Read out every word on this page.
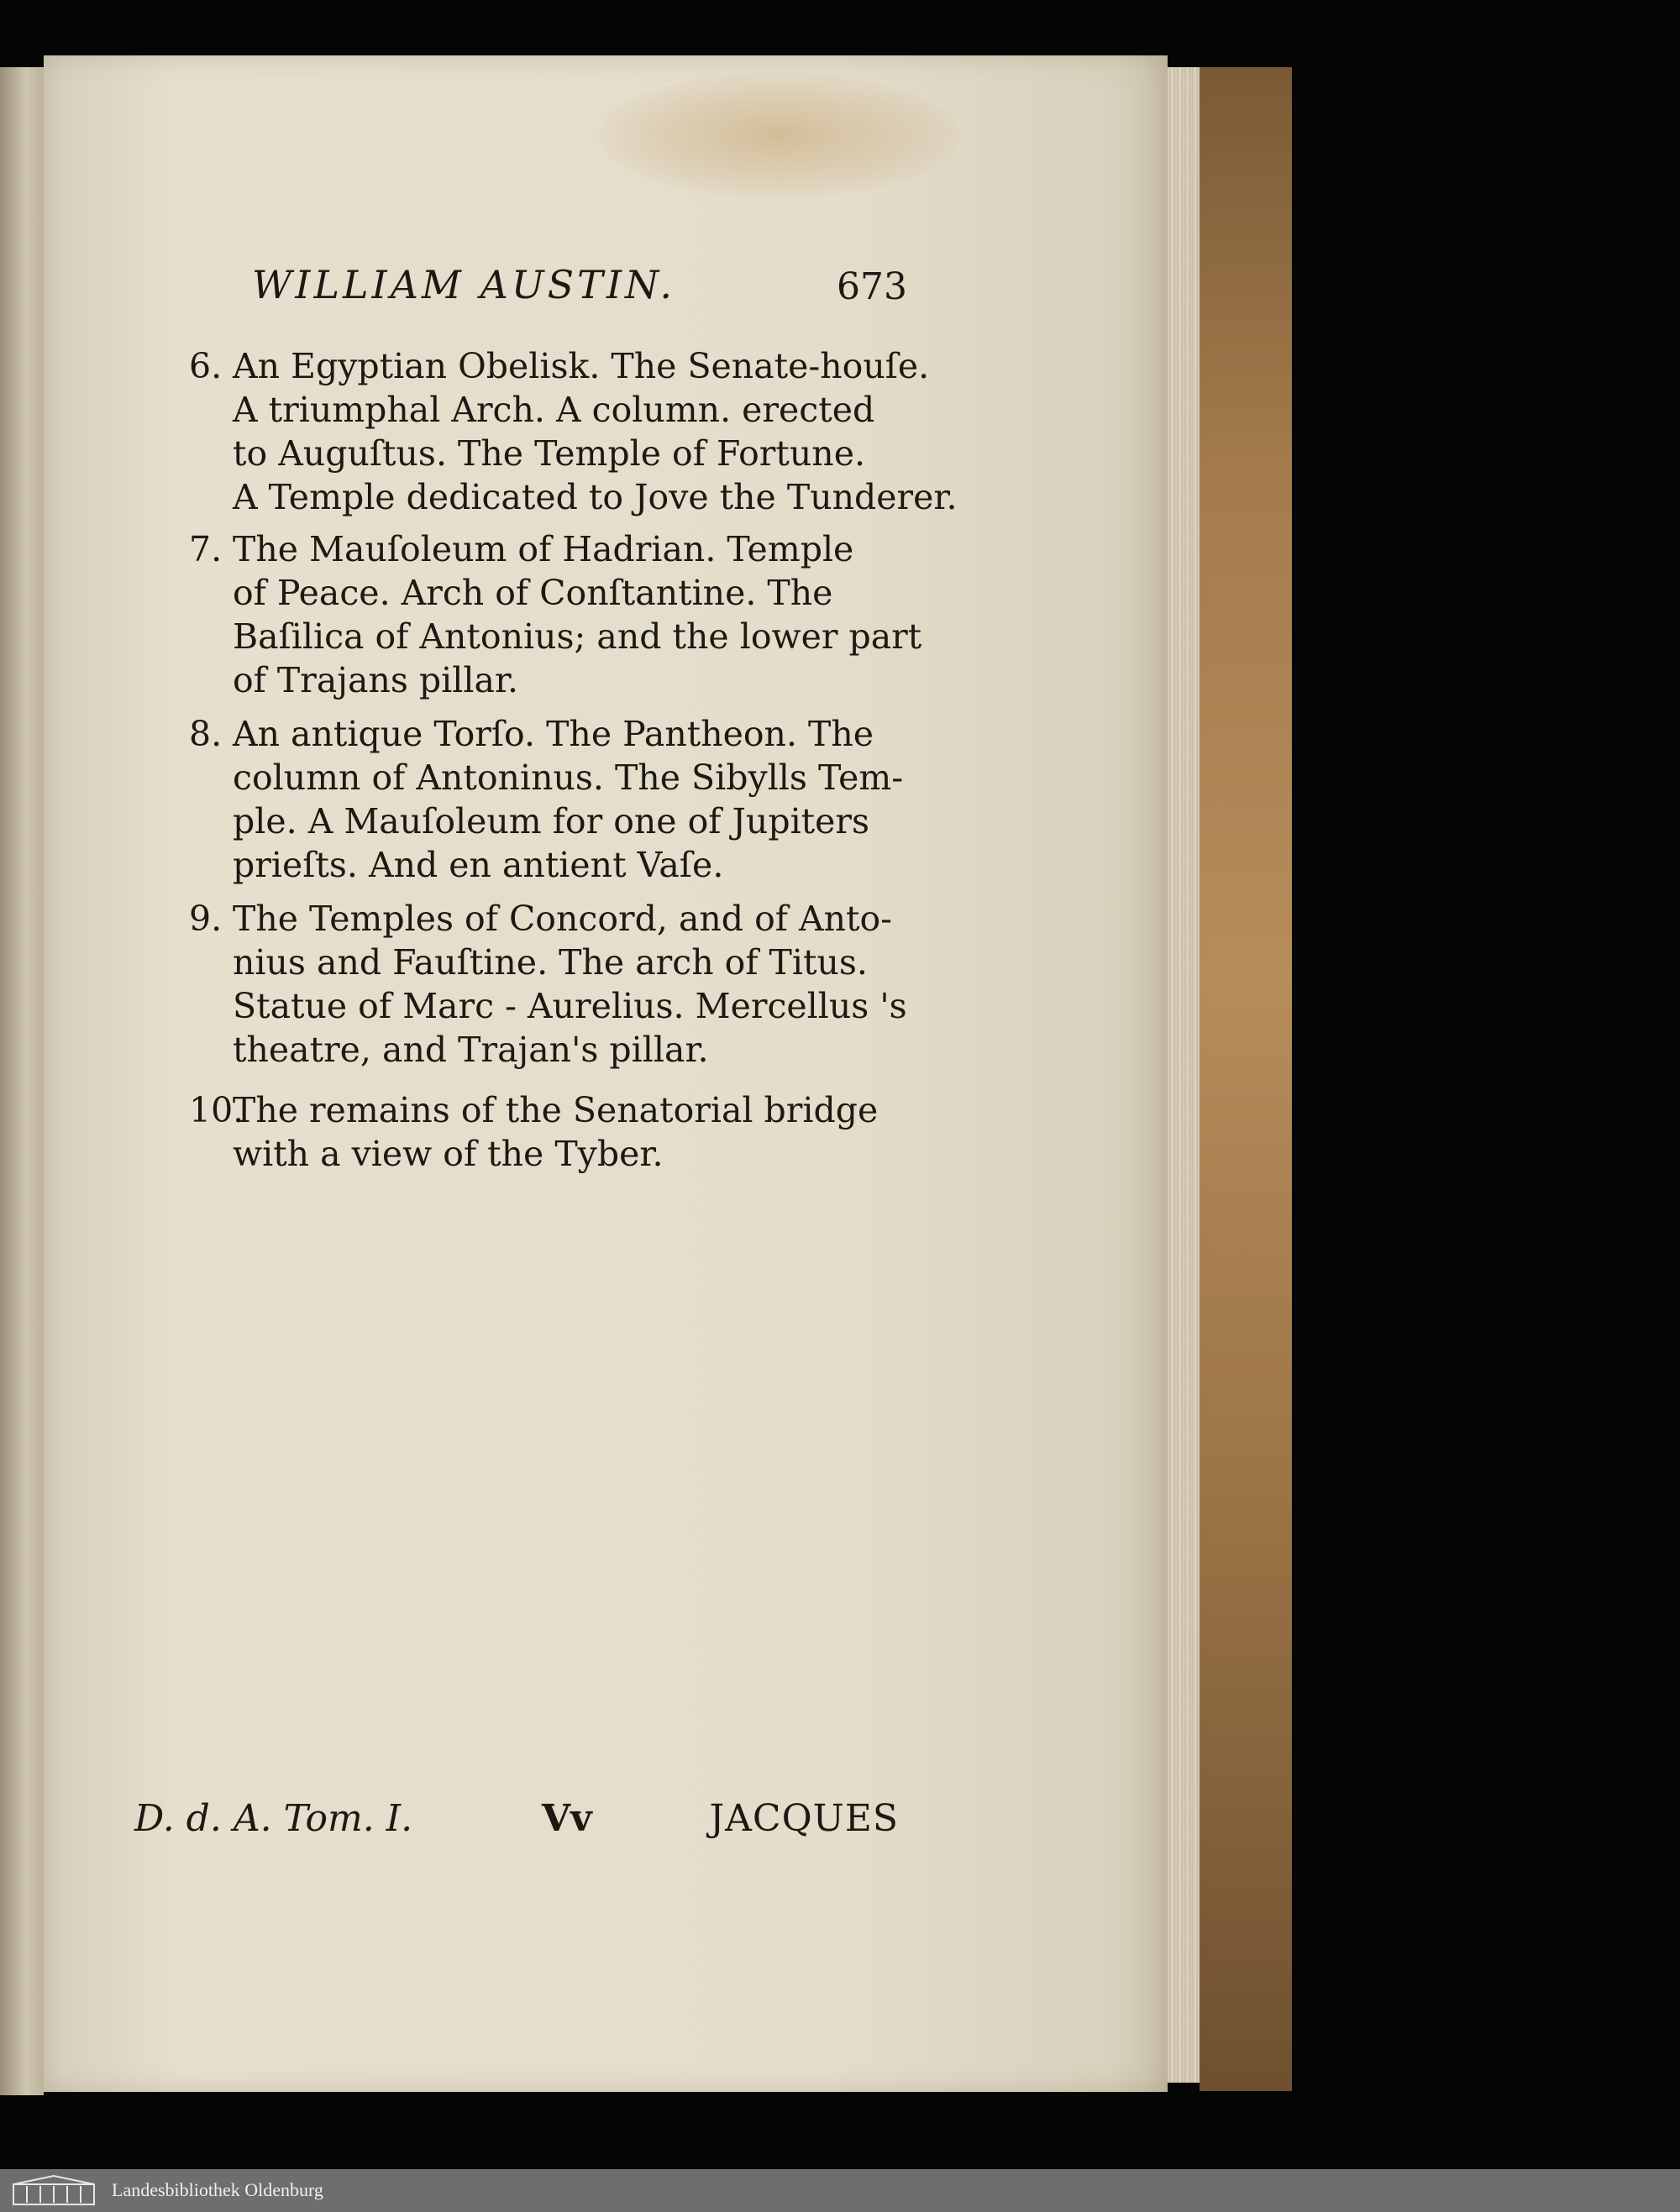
WILLIAM AUSTIN.	673
6. An Egyptian Obelisk. The Senate-houſe.
A triumphal Arch. A column. erected
to Auguſtus. The Temple of Fortune.
A Temple dedicated to Jove the Tunderer.
7. The Mauſoleum of Hadrian. Temple
of Peace. Arch of Conſtantine. The
Baſilica of Antonius; and the lower part
of Trajans pillar.
8. An antique Torſo. The Pantheon. The
column of Antoninus. The Sibylls Tem-
ple. A Mauſoleum for one of Jupiters
prieſts. And en antient Vaſe.
9. The Temples of Concord, and of Anto-
nius and Fauſtine. The arch of Titus.
Statue of Marc - Aurelius. Mercellus 's
theatre, and Trajan's pillar.
10.
The remains of the Senatorial bridge
with a view of the Tyber.
D. d. A. Tom. I.	Vv	JACQUES
Landesbibliothek Oldenburg
